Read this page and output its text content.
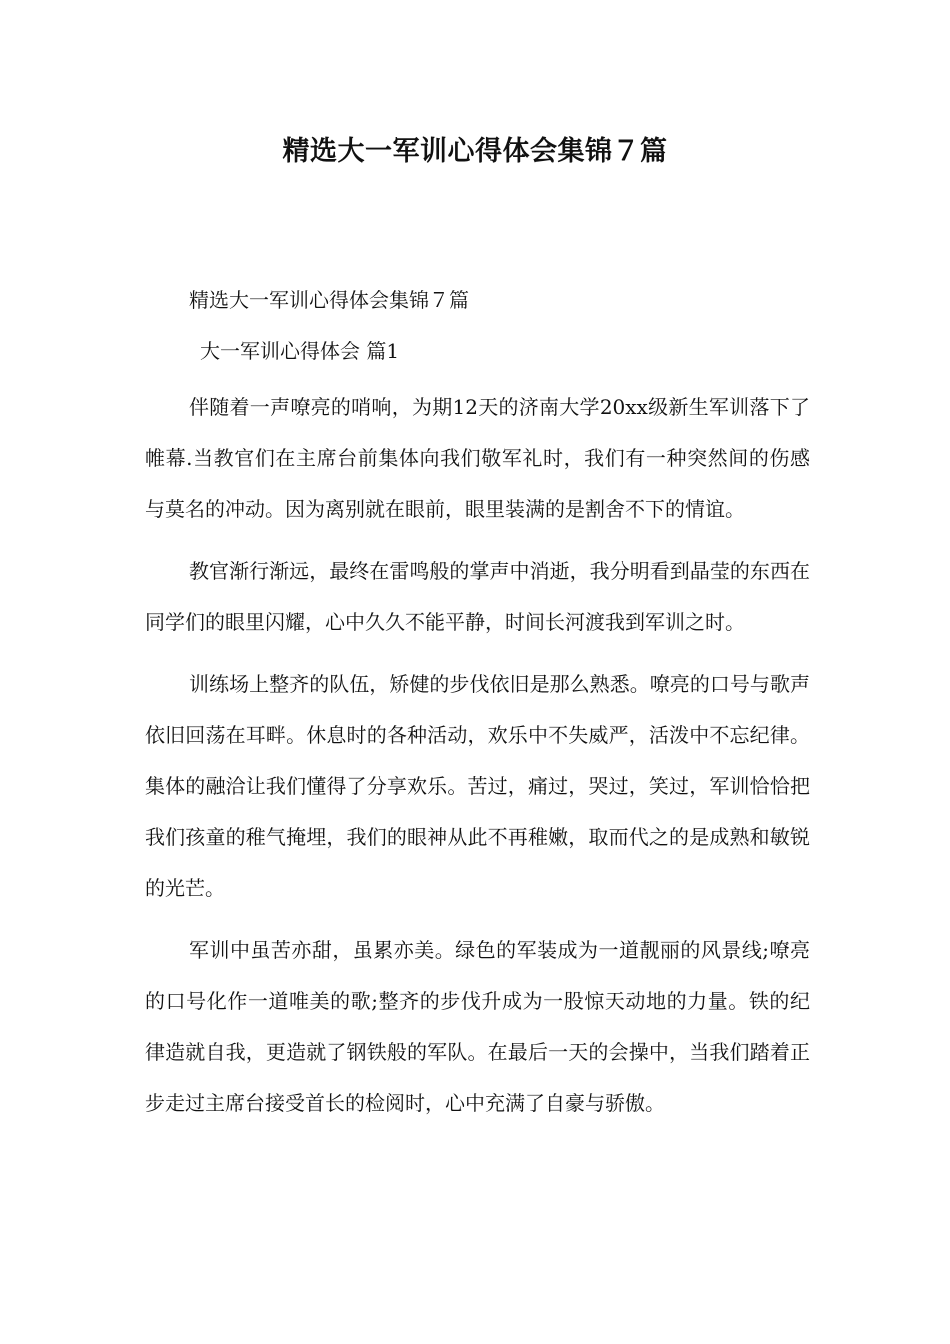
精选大一军训心得体会集锦７篇

精选大一军训心得体会集锦７篇

大一军训心得体会 篇1

伴随着一声嘹亮的哨响，为期12天的济南大学20xx级新生军训落下了帷幕.当教官们在主席台前集体向我们敬军礼时，我们有一种突然间的伤感与莫名的冲动。因为离别就在眼前，眼里装满的是割舍不下的情谊。

教官渐行渐远，最终在雷鸣般的掌声中消逝，我分明看到晶莹的东西在同学们的眼里闪耀，心中久久不能平静，时间长河渡我到军训之时。

训练场上整齐的队伍，矫健的步伐依旧是那么熟悉。嘹亮的口号与歌声依旧回荡在耳畔。休息时的各种活动，欢乐中不失威严，活泼中不忘纪律。集体的融洽让我们懂得了分享欢乐。苦过，痛过，哭过，笑过，军训恰恰把我们孩童的稚气掩埋，我们的眼神从此不再稚嫩，取而代之的是成熟和敏锐的光芒。

军训中虽苦亦甜，虽累亦美。绿色的军装成为一道靓丽的风景线;嘹亮的口号化作一道唯美的歌;整齐的步伐升成为一股惊天动地的力量。铁的纪律造就自我，更造就了钢铁般的军队。在最后一天的会操中，当我们踏着正步走过主席台接受首长的检阅时，心中充满了自豪与骄傲。
